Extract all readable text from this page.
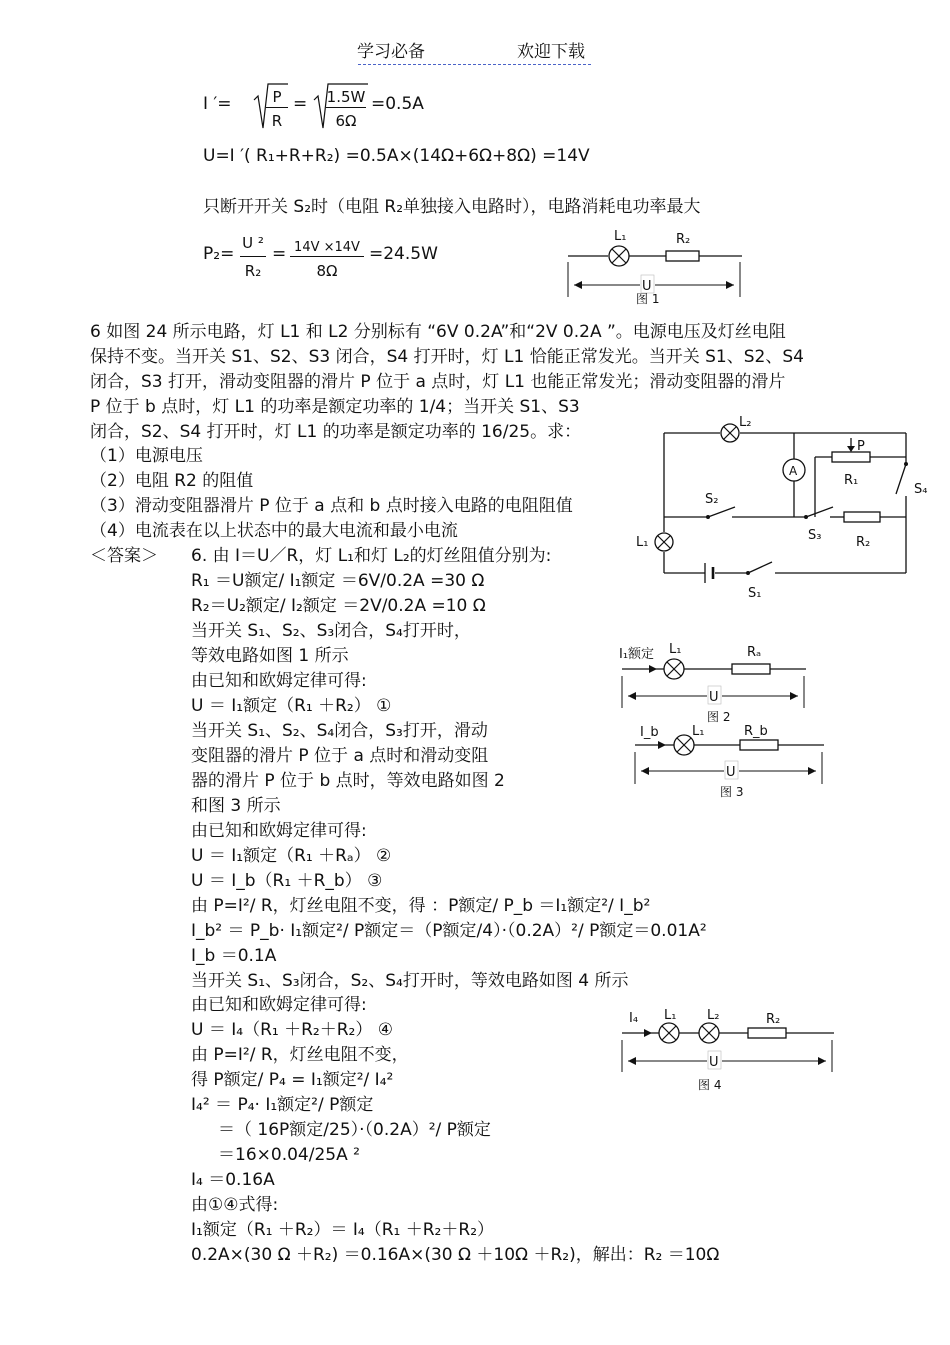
学习必备	欢迎下载
I ′=	P
R
= 1.5W
6Ω
=0.5A
U=I ′( R₁+R+R₂) =0.5A×(14Ω+6Ω+8Ω) =14V
只断开开关 S₂时（电阻 R₂单独接入电路时），电路消耗电功率最大
P₂=
U ²
R₂
= 14V ×14V
8Ω
=24.5W
L₁	R₂
U
图 1
6 如图 24 所示电路，灯 L1 和 L2 分别标有 “6V 0.2A”和“2V 0.2A ”。电源电压及灯丝电阻
保持不变。当开关 S1、S2、S3 闭合，S4 打开时，灯 L1 恰能正常发光。当开关 S1、S2、S4
闭合，S3 打开，滑动变阻器的滑片 P 位于 a 点时，灯 L1 也能正常发光；滑动变阻器的滑片
P 位于 b 点时，灯 L1 的功率是额定功率的 1/4；当开关 S1、S3
闭合，S2、S4 打开时，灯 L1 的功率是额定功率的 16/25。求：
（1）电源电压
（2）电阻 R2 的阻值
（3）滑动变阻器滑片 P 位于 a 点和 b 点时接入电路的电阻阻值
（4）电流表在以上状态中的最大电流和最小电流
L₂
A
P
R₁
S₄
S₂
S₃	R₂
L₁
S₁
＜答案＞ 6. 由 I＝U／R，灯 L₁和灯 L₂的灯丝阻值分别为:
R₁ ＝U额定/ I₁额定 ＝6V/0.2A =30 Ω
R₂＝U₂额定/ I₂额定 ＝2V/0.2A =10 Ω
当开关 S₁、S₂、S₃闭合，S₄打开时，
等效电路如图 1 所示
由已知和欧姆定律可得:
U ＝ I₁额定（R₁ ＋R₂） ①
当开关 S₁、S₂、S₄闭合，S₃打开，滑动
变阻器的滑片 P 位于 a 点时和滑动变阻
器的滑片 P 位于 b 点时，等效电路如图 2
和图 3 所示
由已知和欧姆定律可得:
U ＝ I₁额定（R₁ ＋Rₐ） ②
U ＝ I_b（R₁ ＋R_b） ③
由 P=I²/ R，灯丝电阻不变，得 ：P额定/ P_b ＝I₁额定²/ I_b²
I_b² ＝ P_b· I₁额定²/ P额定＝（P额定/4）·（0.2A）²/ P额定＝0.01A²
I_b ＝0.1A
当开关 S₁、S₃闭合，S₂、S₄打开时，等效电路如图 4 所示
由已知和欧姆定律可得:
U ＝ I₄（R₁ ＋R₂＋R₂） ④
由 P=I²/ R，灯丝电阻不变，
得 P额定/ P₄ = I₁额定²/ I₄²
I₄² ＝ P₄· I₁额定²/ P额定
＝（ 16P额定/25）·（0.2A）²/ P额定
＝16×0.04/25A ²
I₄ ＝0.16A
由①④式得:
I₁额定（R₁ ＋R₂）＝ I₄（R₁ ＋R₂＋R₂）
0.2A×(30 Ω ＋R₂) ＝0.16A×(30 Ω ＋10Ω ＋R₂)，解出：R₂ ＝10Ω
I₁额定 L₁	Rₐ
U
图 2
I_b	L₁	R_b
U
图 3
I₄ L₁ L₂	R₂
U
图 4
